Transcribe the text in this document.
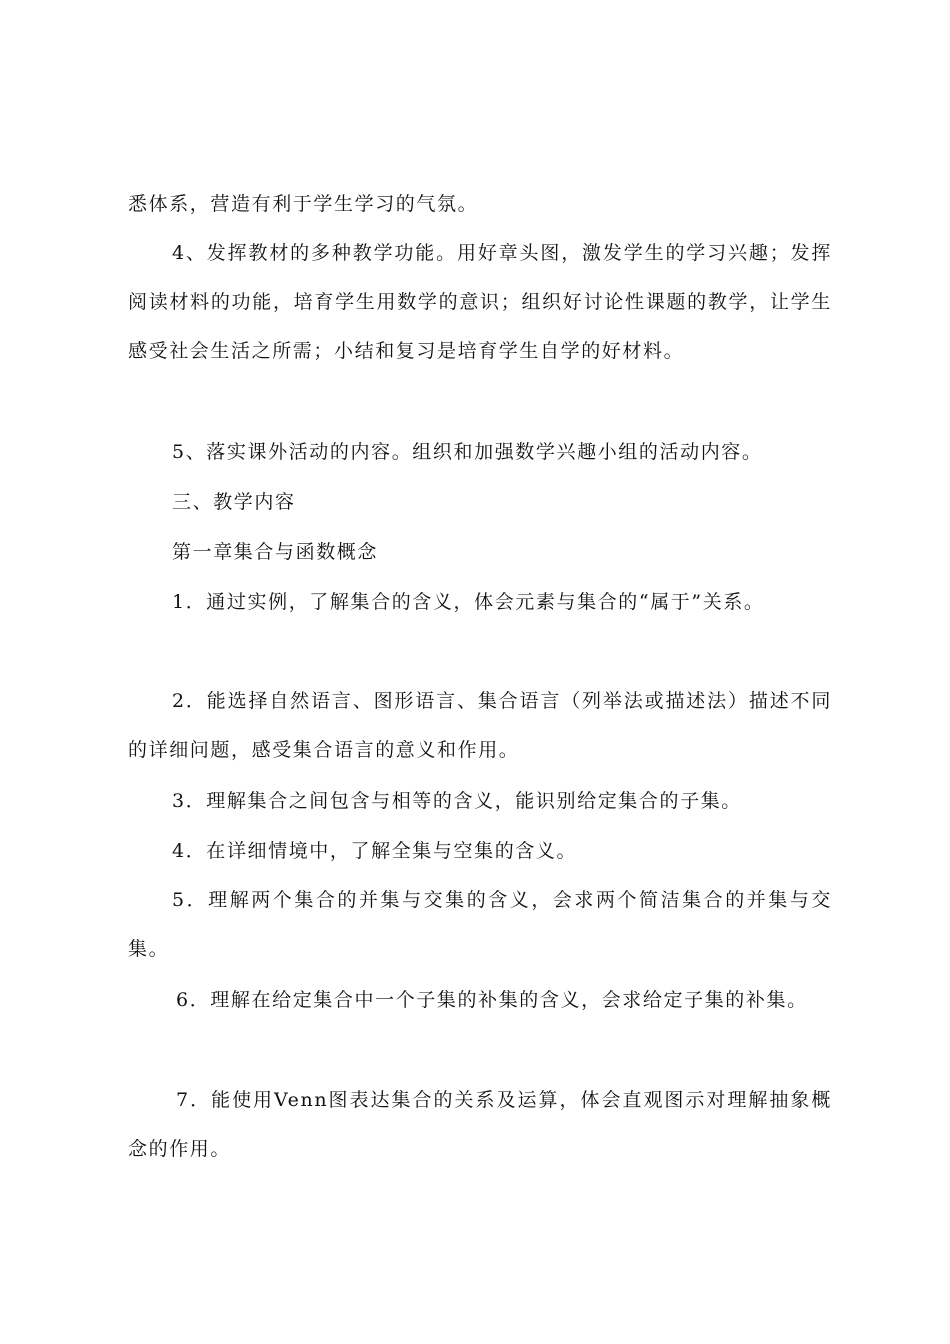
悉体系，营造有利于学生学习的气氛。

4、发挥教材的多种教学功能。用好章头图，激发学生的学习兴趣；发挥阅读材料的功能，培育学生用数学的意识；组织好讨论性课题的教学，让学生感受社会生活之所需；小结和复习是培育学生自学的好材料。

5、落实课外活动的内容。组织和加强数学兴趣小组的活动内容。

三、教学内容

第一章集合与函数概念

1．通过实例，了解集合的含义，体会元素与集合的“属于”关系。

2．能选择自然语言、图形语言、集合语言（列举法或描述法）描述不同的详细问题，感受集合语言的意义和作用。

3．理解集合之间包含与相等的含义，能识别给定集合的子集。

4．在详细情境中，了解全集与空集的含义。

5．理解两个集合的并集与交集的含义，会求两个简洁集合的并集与交集。

6．理解在给定集合中一个子集的补集的含义，会求给定子集的补集。

7．能使用Venn图表达集合的关系及运算，体会直观图示对理解抽象概念的作用。
